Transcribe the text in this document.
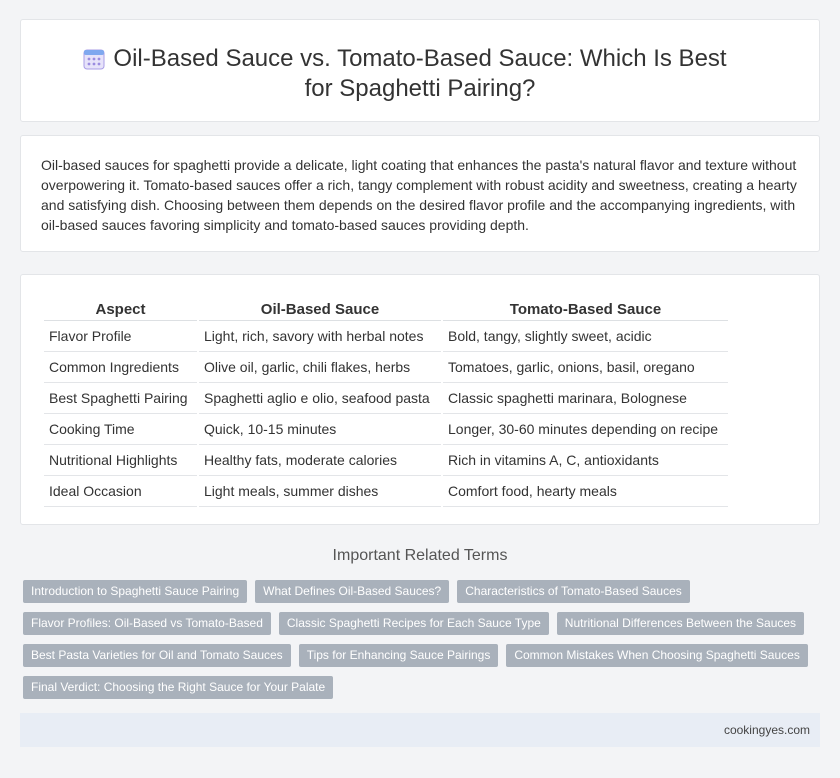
Oil-Based Sauce vs. Tomato-Based Sauce: Which Is Best for Spaghetti Pairing?

Oil-based sauces for spaghetti provide a delicate, light coating that enhances the pasta's natural flavor and texture without overpowering it. Tomato-based sauces offer a rich, tangy complement with robust acidity and sweetness, creating a hearty and satisfying dish. Choosing between them depends on the desired flavor profile and the accompanying ingredients, with oil-based sauces favoring simplicity and tomato-based sauces providing depth.

Aspect	Oil-Based Sauce	Tomato-Based Sauce
Flavor Profile	Light, rich, savory with herbal notes	Bold, tangy, slightly sweet, acidic
Common Ingredients	Olive oil, garlic, chili flakes, herbs	Tomatoes, garlic, onions, basil, oregano
Best Spaghetti Pairing	Spaghetti aglio e olio, seafood pasta	Classic spaghetti marinara, Bolognese
Cooking Time	Quick, 10-15 minutes	Longer, 30-60 minutes depending on recipe
Nutritional Highlights	Healthy fats, moderate calories	Rich in vitamins A, C, antioxidants
Ideal Occasion	Light meals, summer dishes	Comfort food, hearty meals
Important Related Terms
Introduction to Spaghetti Sauce Pairing	What Defines Oil-Based Sauces?	Characteristics of Tomato-Based Sauces
Flavor Profiles: Oil-Based vs Tomato-Based	Classic Spaghetti Recipes for Each Sauce Type	Nutritional Differences Between the Sauces
Best Pasta Varieties for Oil and Tomato Sauces	Tips for Enhancing Sauce Pairings	Common Mistakes When Choosing Spaghetti Sauces
Final Verdict: Choosing the Right Sauce for Your Palate
cookingyes.com
